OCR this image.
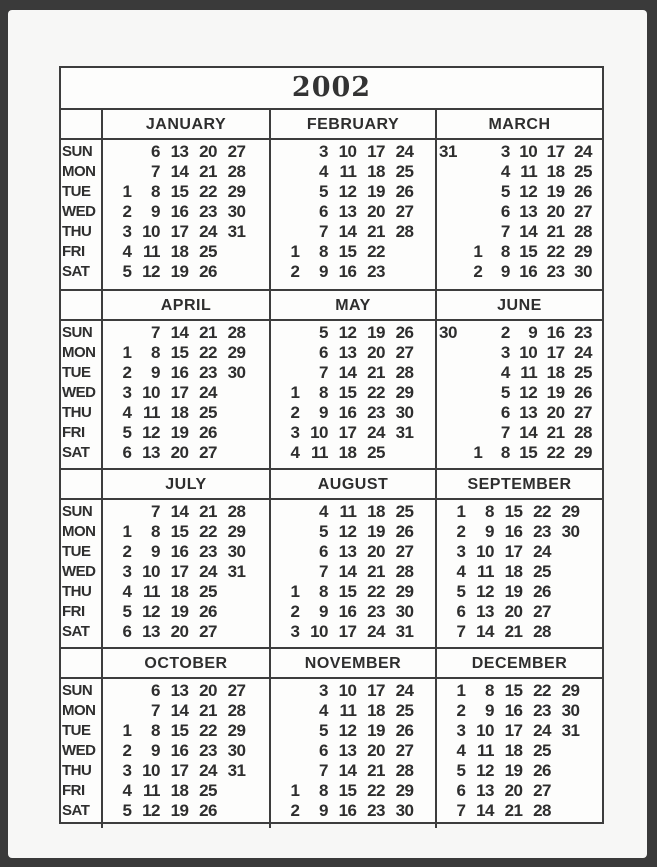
2002
SUN
MON
TUE
WED
THU
FRI
SAT
JANUARY
1
2
3
4
5
6
7
8
9
10
11
12
13
14
15
16
17
18
19
20
21
22
23
24
25
26
27
28
29
30
31
FEBRUARY
1
2
3
4
5
6
7
8
9
10
11
12
13
14
15
16
17
18
19
20
21
22
23
24
25
26
27
28
MARCH
31
1
2
3
4
5
6
7
8
9
10
11
12
13
14
15
16
17
18
19
20
21
22
23
24
25
26
27
28
29
30
SUN
MON
TUE
WED
THU
FRI
SAT
APRIL
1
2
3
4
5
6
7
8
9
10
11
12
13
14
15
16
17
18
19
20
21
22
23
24
25
26
27
28
29
30
MAY
1
2
3
4
5
6
7
8
9
10
11
12
13
14
15
16
17
18
19
20
21
22
23
24
25
26
27
28
29
30
31
JUNE
30
1
2
3
4
5
6
7
8
9
10
11
12
13
14
15
16
17
18
19
20
21
22
23
24
25
26
27
28
29
SUN
MON
TUE
WED
THU
FRI
SAT
JULY
1
2
3
4
5
6
7
8
9
10
11
12
13
14
15
16
17
18
19
20
21
22
23
24
25
26
27
28
29
30
31
AUGUST
1
2
3
4
5
6
7
8
9
10
11
12
13
14
15
16
17
18
19
20
21
22
23
24
25
26
27
28
29
30
31
SEPTEMBER
1
2
3
4
5
6
7
8
9
10
11
12
13
14
15
16
17
18
19
20
21
22
23
24
25
26
27
28
29
30
SUN
MON
TUE
WED
THU
FRI
SAT
OCTOBER
1
2
3
4
5
6
7
8
9
10
11
12
13
14
15
16
17
18
19
20
21
22
23
24
25
26
27
28
29
30
31
NOVEMBER
1
2
3
4
5
6
7
8
9
10
11
12
13
14
15
16
17
18
19
20
21
22
23
24
25
26
27
28
29
30
DECEMBER
1
2
3
4
5
6
7
8
9
10
11
12
13
14
15
16
17
18
19
20
21
22
23
24
25
26
27
28
29
30
31
